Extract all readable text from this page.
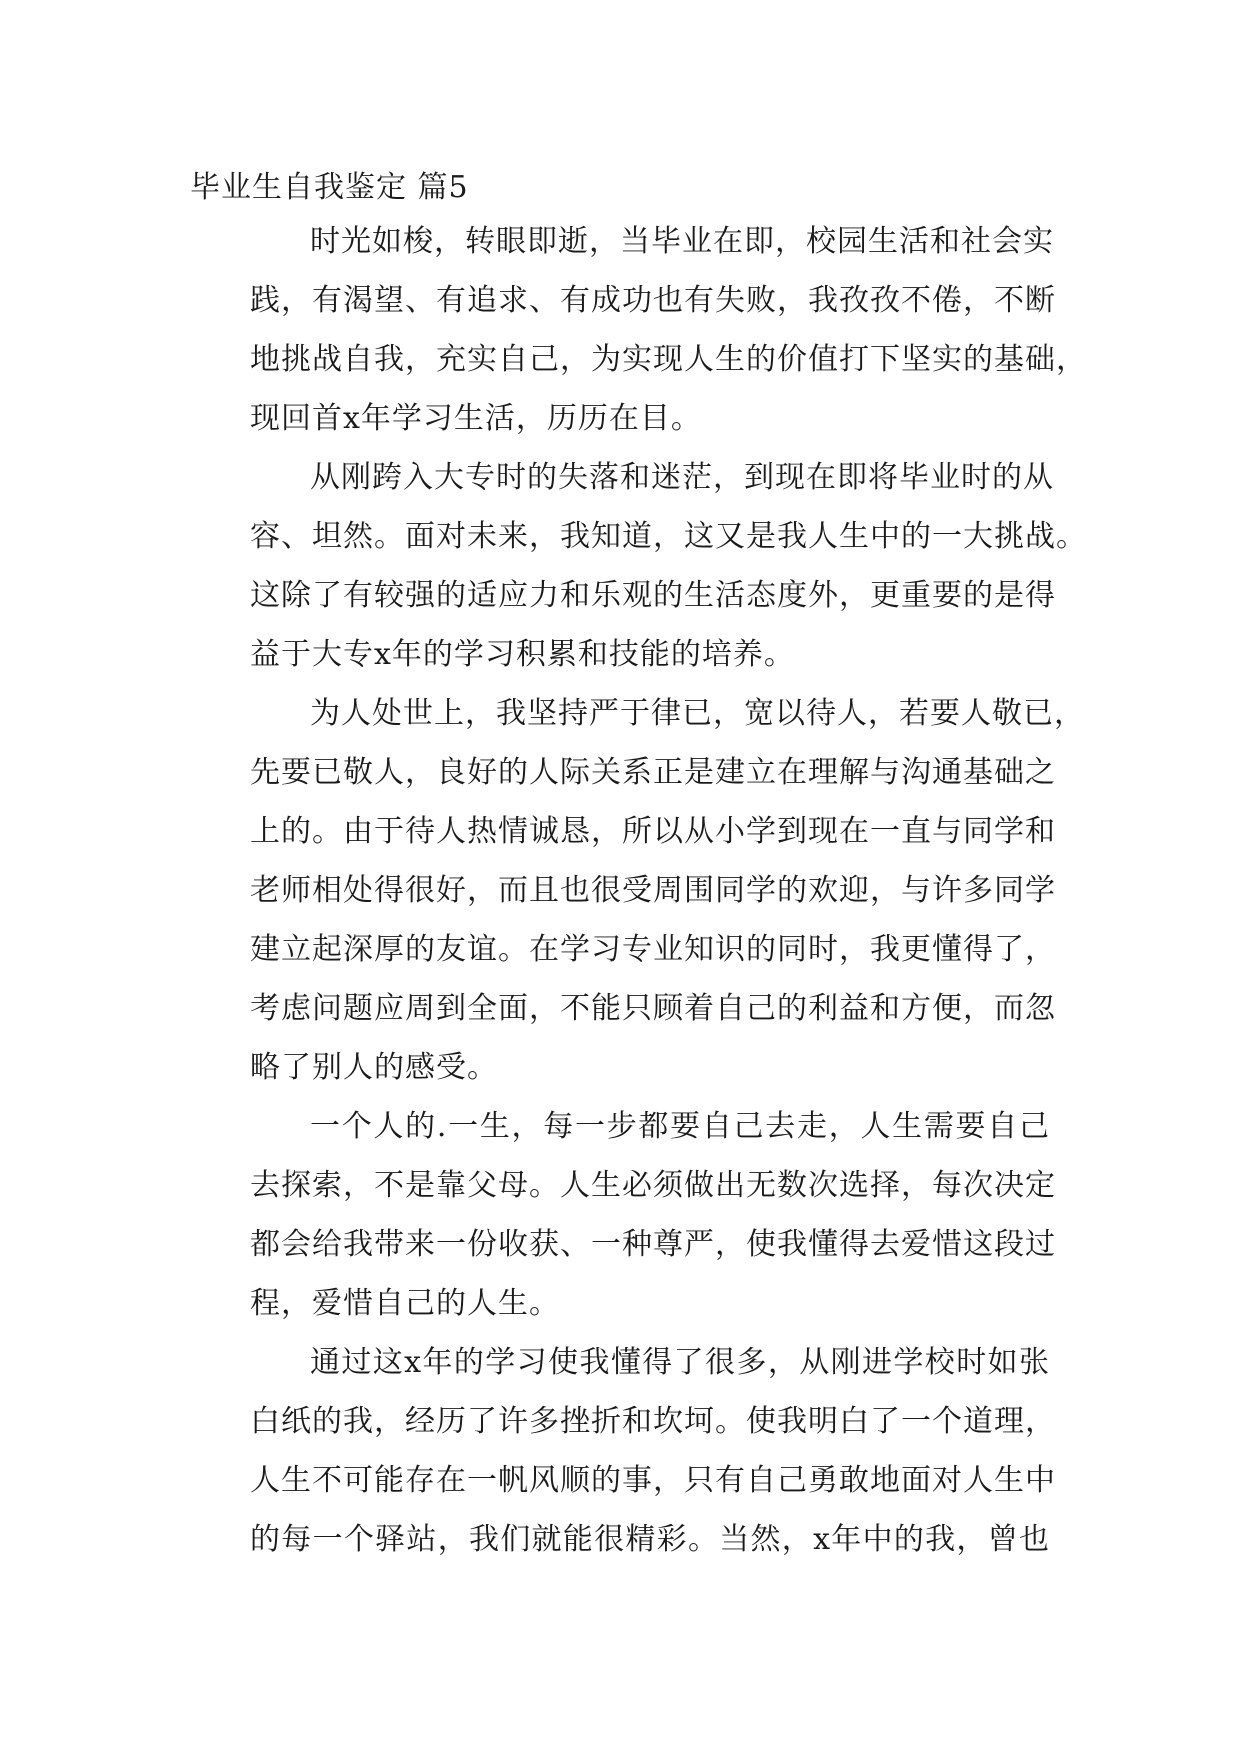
毕业生自我鉴定 篇5
时光如梭，转眼即逝，当毕业在即，校园生活和社会实
践，有渴望、有追求、有成功也有失败，我孜孜不倦，不断
地挑战自我，充实自己，为实现人生的价值打下坚实的基础，
现回首x年学习生活，历历在目。
从刚跨入大专时的失落和迷茫，到现在即将毕业时的从
容、坦然。面对未来，我知道，这又是我人生中的一大挑战。
这除了有较强的适应力和乐观的生活态度外，更重要的是得
益于大专x年的学习积累和技能的培养。
为人处世上，我坚持严于律已，宽以待人，若要人敬已，
先要已敬人，良好的人际关系正是建立在理解与沟通基础之
上的。由于待人热情诚恳，所以从小学到现在一直与同学和
老师相处得很好，而且也很受周围同学的欢迎，与许多同学
建立起深厚的友谊。在学习专业知识的同时，我更懂得了，
考虑问题应周到全面，不能只顾着自己的利益和方便，而忽
略了别人的感受。
一个人的.一生，每一步都要自己去走，人生需要自己
去探索，不是靠父母。人生必须做出无数次选择，每次决定
都会给我带来一份收获、一种尊严，使我懂得去爱惜这段过
程，爱惜自己的人生。
通过这x年的学习使我懂得了很多，从刚进学校时如张
白纸的我，经历了许多挫折和坎坷。使我明白了一个道理，
人生不可能存在一帆风顺的事，只有自己勇敢地面对人生中
的每一个驿站，我们就能很精彩。当然，x年中的我，曾也
